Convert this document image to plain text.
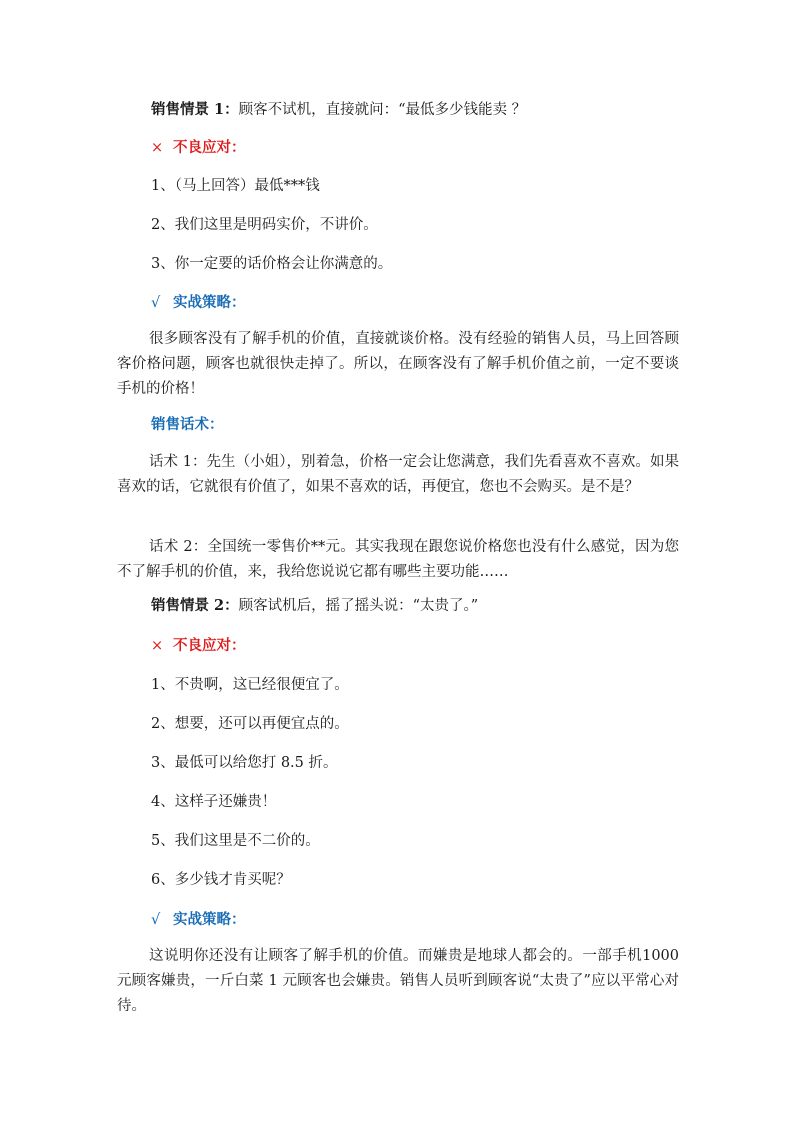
销售情景 1：顾客不试机，直接就问：“最低多少钱能卖 ？

× 不良应对：

1、（马上回答）最低***钱

2、我们这里是明码实价，不讲价。

3、你一定要的话价格会让你满意的。

√ 实战策略：

很多顾客没有了解手机的价值，直接就谈价格。没有经验的销售人员，马上回答顾客价格问题，顾客也就很快走掉了。所以，在顾客没有了解手机价值之前，一定不要谈手机的价格！

销售话术：

话术 1：先生（小姐），别着急，价格一定会让您满意，我们先看喜欢不喜欢。如果喜欢的话，它就很有价值了，如果不喜欢的话，再便宜，您也不会购买。是不是？

话术 2：全国统一零售价**元。其实我现在跟您说价格您也没有什么感觉，因为您不了解手机的价值，来，我给您说说它都有哪些主要功能……

销售情景 2：顾客试机后，摇了摇头说：“太贵了。”

× 不良应对：

1、不贵啊，这已经很便宜了。

2、想要，还可以再便宜点的。

3、最低可以给您打 8.5 折。

4、这样子还嫌贵！

5、我们这里是不二价的。

6、多少钱才肯买呢？

√ 实战策略：

这说明你还没有让顾客了解手机的价值。而嫌贵是地球人都会的。一部手机1000 元顾客嫌贵，一斤白菜 1 元顾客也会嫌贵。销售人员听到顾客说“太贵了”应以平常心对待。
